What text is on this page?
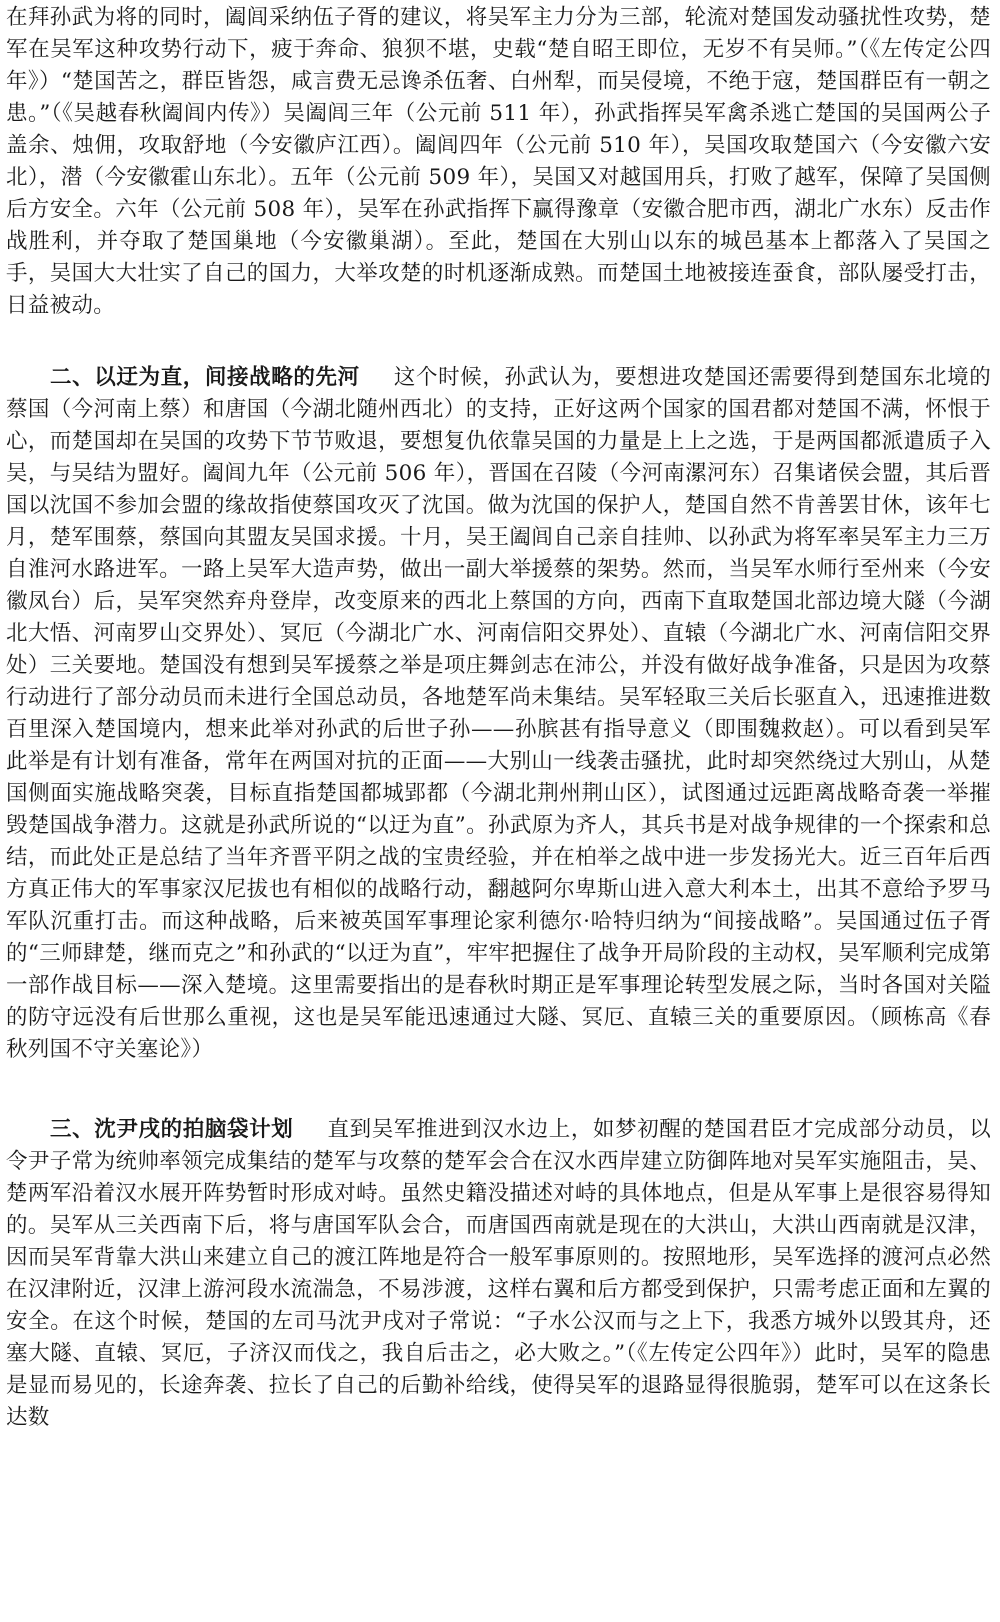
在拜孙武为将的同时，阖闾采纳伍子胥的建议，将吴军主力分为三部，轮流对楚国发动骚扰性攻势，楚军在吴军这种攻势行动下，疲于奔命、狼狈不堪，史载“楚自昭王即位，无岁不有吴师。”（《左传定公四年》）“楚国苦之，群臣皆怨，咸言费无忌谗杀伍奢、白州犁，而吴侵境，不绝于寇，楚国群臣有一朝之患。”（《吴越春秋阖闾内传》）吴阖闾三年（公元前 511 年），孙武指挥吴军禽杀逃亡楚国的吴国两公子盖余、烛佣，攻取舒地（今安徽庐江西）。阖闾四年（公元前 510 年），吴国攻取楚国六（今安徽六安北），潜（今安徽霍山东北）。五年（公元前 509 年），吴国又对越国用兵，打败了越军，保障了吴国侧后方安全。六年（公元前 508 年），吴军在孙武指挥下赢得豫章（安徽合肥市西，湖北广水东）反击作战胜利，并夺取了楚国巢地（今安徽巢湖）。至此，楚国在大别山以东的城邑基本上都落入了吴国之手，吴国大大壮实了自己的国力，大举攻楚的时机逐渐成熟。而楚国土地被接连蚕食，部队屡受打击，日益被动。

二、以迂为直，间接战略的先河 这个时候，孙武认为，要想进攻楚国还需要得到楚国东北境的蔡国（今河南上蔡）和唐国（今湖北随州西北）的支持，正好这两个国家的国君都对楚国不满，怀恨于心，而楚国却在吴国的攻势下节节败退，要想复仇依靠吴国的力量是上上之选，于是两国都派遣质子入吴，与吴结为盟好。阖闾九年（公元前 506 年），晋国在召陵（今河南漯河东）召集诸侯会盟，其后晋国以沈国不参加会盟的缘故指使蔡国攻灭了沈国。做为沈国的保护人，楚国自然不肯善罢甘休，该年七月，楚军围蔡，蔡国向其盟友吴国求援。十月，吴王阖闾自己亲自挂帅、以孙武为将军率吴军主力三万自淮河水路进军。一路上吴军大造声势，做出一副大举援蔡的架势。然而，当吴军水师行至州来（今安徽凤台）后，吴军突然弃舟登岸，改变原来的西北上蔡国的方向，西南下直取楚国北部边境大隧（今湖北大悟、河南罗山交界处）、冥厄（今湖北广水、河南信阳交界处）、直辕（今湖北广水、河南信阳交界处）三关要地。楚国没有想到吴军援蔡之举是项庄舞剑志在沛公，并没有做好战争准备，只是因为攻蔡行动进行了部分动员而未进行全国总动员，各地楚军尚未集结。吴军轻取三关后长驱直入，迅速推进数百里深入楚国境内，想来此举对孙武的后世子孙——孙膑甚有指导意义（即围魏救赵）。可以看到吴军此举是有计划有准备，常年在两国对抗的正面——大别山一线袭击骚扰，此时却突然绕过大别山，从楚国侧面实施战略突袭，目标直指楚国都城郢都（今湖北荆州荆山区），试图通过远距离战略奇袭一举摧毁楚国战争潜力。这就是孙武所说的“以迂为直”。孙武原为齐人，其兵书是对战争规律的一个探索和总结，而此处正是总结了当年齐晋平阴之战的宝贵经验，并在柏举之战中进一步发扬光大。近三百年后西方真正伟大的军事家汉尼拔也有相似的战略行动，翻越阿尔卑斯山进入意大利本土，出其不意给予罗马军队沉重打击。而这种战略，后来被英国军事理论家利德尔·哈特归纳为“间接战略”。吴国通过伍子胥的“三师肆楚，继而克之”和孙武的“以迂为直”，牢牢把握住了战争开局阶段的主动权，吴军顺利完成第一部作战目标——深入楚境。这里需要指出的是春秋时期正是军事理论转型发展之际，当时各国对关隘的防守远没有后世那么重视，这也是吴军能迅速通过大隧、冥厄、直辕三关的重要原因。（顾栋高《春秋列国不守关塞论》）

三、沈尹戌的拍脑袋计划 直到吴军推进到汉水边上，如梦初醒的楚国君臣才完成部分动员，以令尹子常为统帅率领完成集结的楚军与攻蔡的楚军会合在汉水西岸建立防御阵地对吴军实施阻击，吴、楚两军沿着汉水展开阵势暂时形成对峙。虽然史籍没描述对峙的具体地点，但是从军事上是很容易得知的。吴军从三关西南下后，将与唐国军队会合，而唐国西南就是现在的大洪山，大洪山西南就是汉津，因而吴军背靠大洪山来建立自己的渡江阵地是符合一般军事原则的。按照地形，吴军选择的渡河点必然在汉津附近，汉津上游河段水流湍急，不易涉渡，这样右翼和后方都受到保护，只需考虑正面和左翼的安全。在这个时候，楚国的左司马沈尹戌对子常说：“子水公汉而与之上下，我悉方城外以毁其舟，还塞大隧、直辕、冥厄，子济汉而伐之，我自后击之，必大败之。”（《左传定公四年》）此时，吴军的隐患是显而易见的，长途奔袭、拉长了自己的后勤补给线，使得吴军的退路显得很脆弱，楚军可以在这条长达数
